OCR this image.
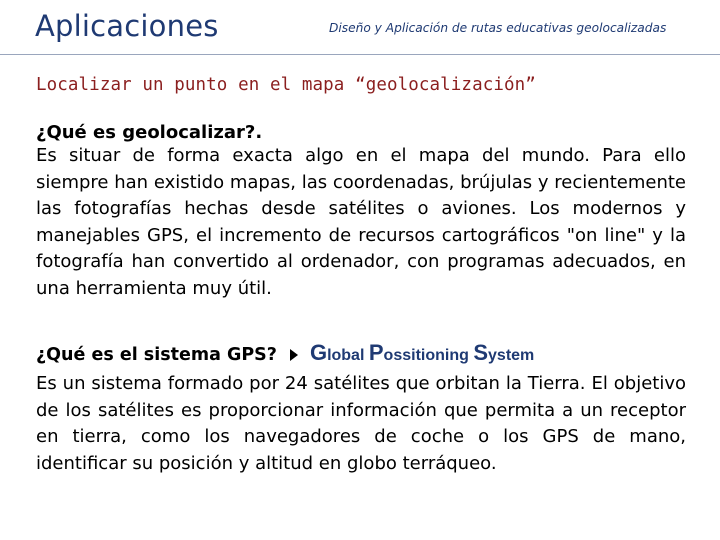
Aplicaciones	Diseño y Aplicación de rutas educativas geolocalizadas
Localizar un punto en el mapa “geolocalización”
¿Qué es geolocalizar?.
Es situar de forma exacta algo en el mapa del mundo. Para ello siempre han existido mapas, las coordenadas, brújulas y recientemente las fotografías hechas desde satélites o aviones. Los modernos y manejables GPS, el incremento de recursos cartográficos "on line" y la fotografía han convertido al ordenador, con programas adecuados, en una herramienta muy útil.
¿Qué es el sistema GPS? Global Possitioning System
Es un sistema formado por 24 satélites que orbitan la Tierra. El objetivo de los satélites es proporcionar información que permita a un receptor en tierra, como los navegadores de coche o los GPS de mano, identificar su posición y altitud en globo terráqueo.
